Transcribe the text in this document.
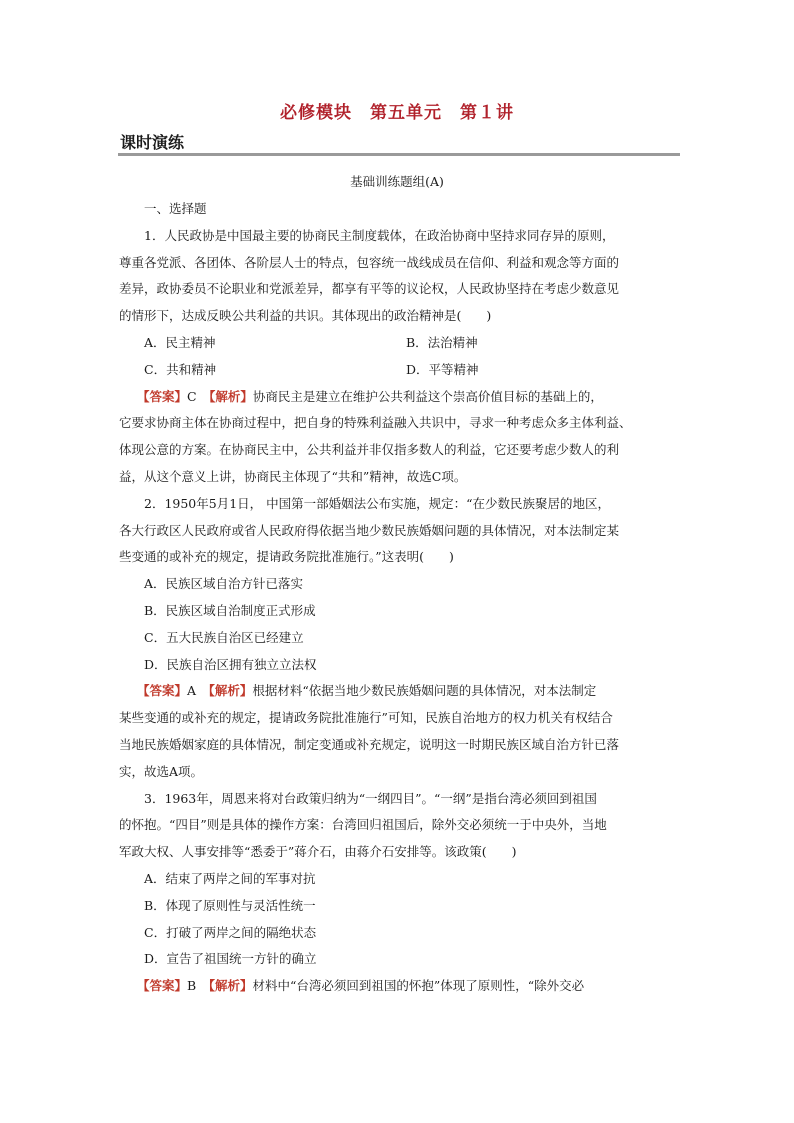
必修模块　第五单元　第１讲
课时演练
基础训练题组(A)
一、选择题
1．人民政协是中国最主要的协商民主制度载体，在政治协商中坚持求同存异的原则，
尊重各党派、各团体、各阶层人士的特点，包容统一战线成员在信仰、利益和观念等方面的
差异，政协委员不论职业和党派差异，都享有平等的议论权，人民政协坚持在考虑少数意见
的情形下，达成反映公共利益的共识。其体现出的政治精神是(　　)
A．民主精神	B．法治精神
C．共和精神	D．平等精神
【答案】C　 【解析】协商民主是建立在维护公共利益这个崇高价值目标的基础上的，
它要求协商主体在协商过程中，把自身的特殊利益融入共识中，寻求一种考虑众多主体利益、
体现公意的方案。在协商民主中，公共利益并非仅指多数人的利益，它还要考虑少数人的利
益，从这个意义上讲，协商民主体现了“共和”精神，故选C项。
2．1950年5月1日， 中国第一部婚姻法公布实施，规定：“在少数民族聚居的地区，
各大行政区人民政府或省人民政府得依据当地少数民族婚姻问题的具体情况，对本法制定某
些变通的或补充的规定，提请政务院批准施行。”这表明(　　)
A．民族区域自治方针已落实
B．民族区域自治制度正式形成
C．五大民族自治区已经建立
D．民族自治区拥有独立立法权
【答案】A　 【解析】根据材料“依据当地少数民族婚姻问题的具体情况，对本法制定
某些变通的或补充的规定，提请政务院批准施行”可知，民族自治地方的权力机关有权结合
当地民族婚姻家庭的具体情况，制定变通或补充规定，说明这一时期民族区域自治方针已落
实，故选A项。
3．1963年，周恩来将对台政策归纳为“一纲四目”。“一纲”是指台湾必须回到祖国
的怀抱。“四目”则是具体的操作方案：台湾回归祖国后，除外交必须统一于中央外，当地
军政大权、人事安排等“悉委于”蒋介石，由蒋介石安排等。该政策(　　)
A．结束了两岸之间的军事对抗
B．体现了原则性与灵活性统一
C．打破了两岸之间的隔绝状态
D．宣告了祖国统一方针的确立
【答案】B　 【解析】材料中“台湾必须回到祖国的怀抱”体现了原则性，“除外交必
